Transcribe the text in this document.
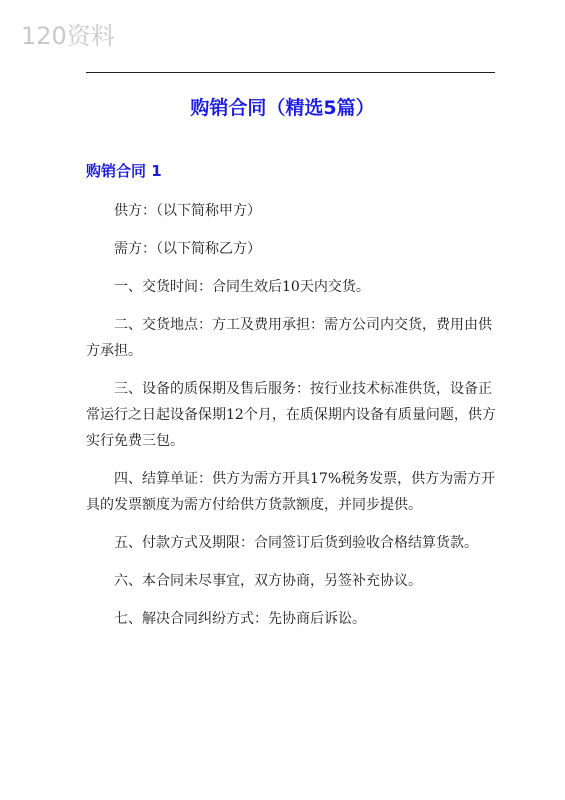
120资料
购销合同（精选5篇）
购销合同 1

供方：（以下简称甲方）

需方：（以下简称乙方）

一、交货时间：合同生效后10天内交货。

二、交货地点：方工及费用承担：需方公司内交货，费用由供方承担。

三、设备的质保期及售后服务：按行业技术标准供货，设备正常运行之日起设备保期12个月，在质保期内设备有质量问题，供方实行免费三包。

四、结算单证：供方为需方开具17%税务发票，供方为需方开具的发票额度为需方付给供方货款额度，并同步提供。

五、付款方式及期限：合同签订后货到验收合格结算货款。

六、本合同未尽事宜，双方协商，另签补充协议。

七、解决合同纠纷方式：先协商后诉讼。
